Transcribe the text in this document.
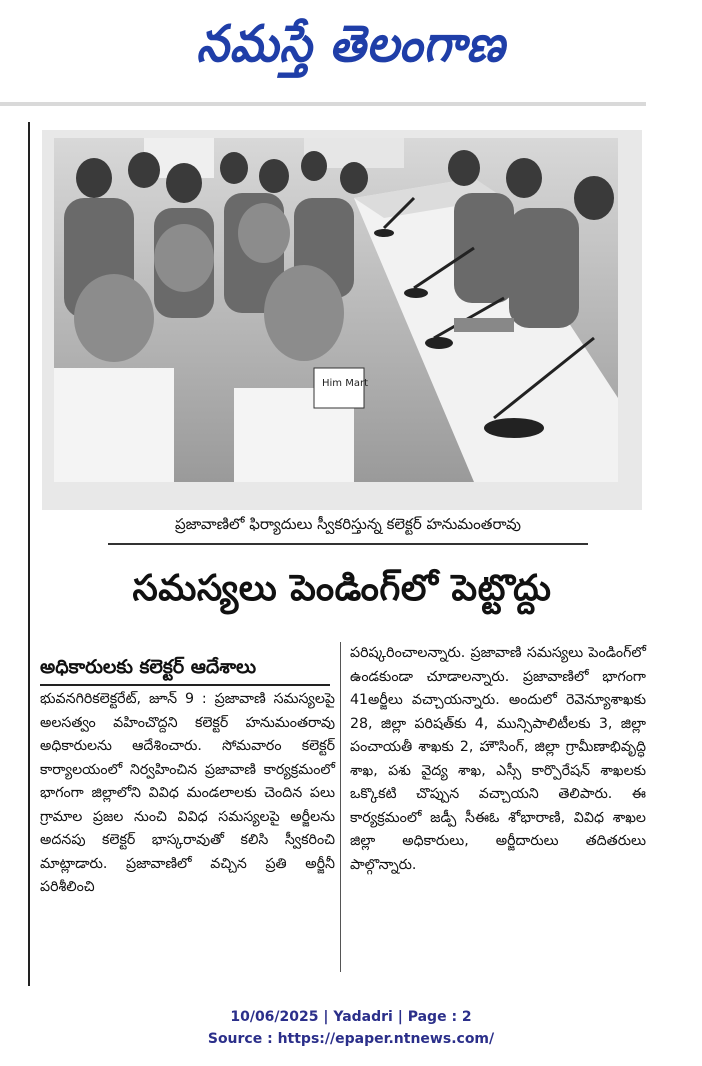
నమస్తే తెలంగాణ
Him Mart
ప్రజావాణిలో ఫిర్యాదులు స్వీకరిస్తున్న కలెక్టర్ హనుమంతరావు
సమస్యలు పెండింగ్‌లో పెట్టొద్దు
అధికారులకు కలెక్టర్ ఆదేశాలు

భువనగిరికలెక్టరేట్, జూన్ 9 : ప్రజావాణి సమస్యలపై అలసత్వం వహించొద్దని కలెక్టర్ హనుమంతరావు అధికారులను ఆదేశించారు. సోమవారం కలెక్టర్ కార్యాలయంలో నిర్వహించిన ప్రజావాణి కార్యక్రమంలో భాగంగా జిల్లాలోని వివిధ మండలాలకు చెందిన పలు గ్రామాల ప్రజల నుంచి వివిధ సమస్యలపై అర్జీలను అదనపు కలెక్టర్ భాస్కరావుతో కలిసి స్వీకరించి మాట్లాడారు. ప్రజావాణిలో వచ్చిన ప్రతి అర్జీనీ పరిశీలించి

పరిష్కరించాలన్నారు. ప్రజావాణి సమస్యలు పెండింగ్‌లో ఉండకుండా చూడాలన్నారు. ప్రజావాణిలో భాగంగా 41అర్జీలు వచ్చాయన్నారు. అందులో రెవెన్యూశాఖకు 28, జిల్లా పరిషత్‌కు 4, మున్సిపాలిటీలకు 3, జిల్లా పంచాయతీ శాఖకు 2, హౌసింగ్, జిల్లా గ్రామీణాభివృద్ధి శాఖ, పశు వైద్య శాఖ, ఎస్సీ కార్పొరేషన్ శాఖలకు ఒక్కొకటి చొప్పున వచ్చాయని తెలిపారు. ఈ కార్యక్రమంలో జడ్పీ సీఈఓ శోభారాణి, వివిధ శాఖల జిల్లా అధికారులు, అర్జీదారులు తదితరులు పాల్గొన్నారు.

10/06/2025 | Yadadri | Page : 2
Source : https://epaper.ntnews.com/
